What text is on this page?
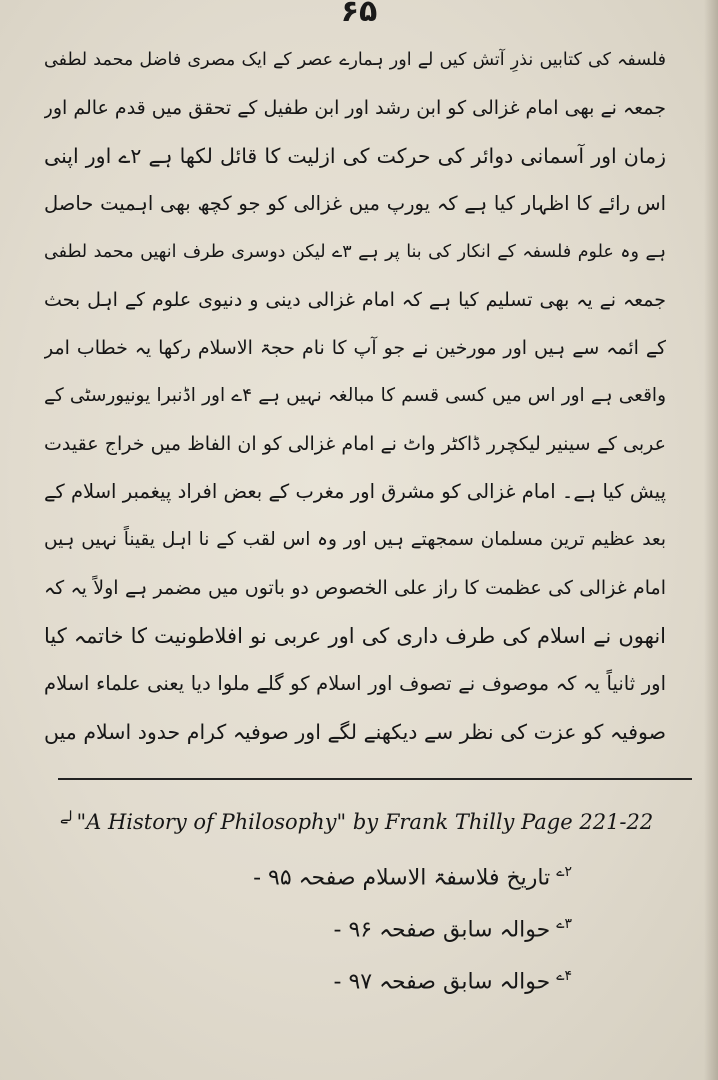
۶۵
فلسفہ کی کتابیں نذرِ آتش کیں لے اور ہمارے عصر کے ایک مصری فاضل محمد لطفی
جمعہ نے بھی امام غزالی کو ابن رشد اور ابن طفیل کے تحقق میں قدم عالم اور
زمان اور آسمانی دوائر کی حرکت کی ازلیت کا قائل لکھا ہے ۲ے اور اپنی
اس رائے کا اظہار کیا ہے کہ یورپ میں غزالی کو جو کچھ بھی اہمیت حاصل
ہے وہ علوم فلسفہ کے انکار کی بنا پر ہے ۳ے لیکن دوسری طرف انھیں محمد لطفی
جمعہ نے یہ بھی تسلیم کیا ہے کہ امام غزالی دینی و دنیوی علوم کے اہل بحث
کے ائمہ سے ہیں اور مورخین نے جو آپ کا نام حجۃ الاسلام رکھا یہ خطاب امر
واقعی ہے اور اس میں کسی قسم کا مبالغہ نہیں ہے ۴ے اور اڈنبرا یونیورسٹی کے
عربی کے سینیر لیکچرر ڈاکٹر واٹ نے امام غزالی کو ان الفاظ میں خراج عقیدت
پیش کیا ہے۔ امام غزالی کو مشرق اور مغرب کے بعض افراد پیغمبر اسلام کے
بعد عظیم ترین مسلمان سمجھتے ہیں اور وہ اس لقب کے نا اہل یقیناً نہیں ہیں
امام غزالی کی عظمت کا راز علی الخصوص دو باتوں میں مضمر ہے اولاً یہ کہ
انھوں نے اسلام کی طرف داری کی اور عربی نو افلاطونیت کا خاتمہ کیا
اور ثانیاً یہ کہ موصوف نے تصوف اور اسلام کو گلے ملوا دیا یعنی علماء اسلام
صوفیہ کو عزت کی نظر سے دیکھنے لگے اور صوفیہ کرام حدود اسلام میں
$^{لے}$ "A History of Philosophy" by Frank Thilly Page 221-22
$^{۲ے}$تاریخ فلاسفۃ الاسلام صفحہ ۹۵ -
$^{۳ے}$حوالہ سابق صفحہ ۹۶ -
$^{۴ے}$حوالہ سابق صفحہ ۹۷ -
